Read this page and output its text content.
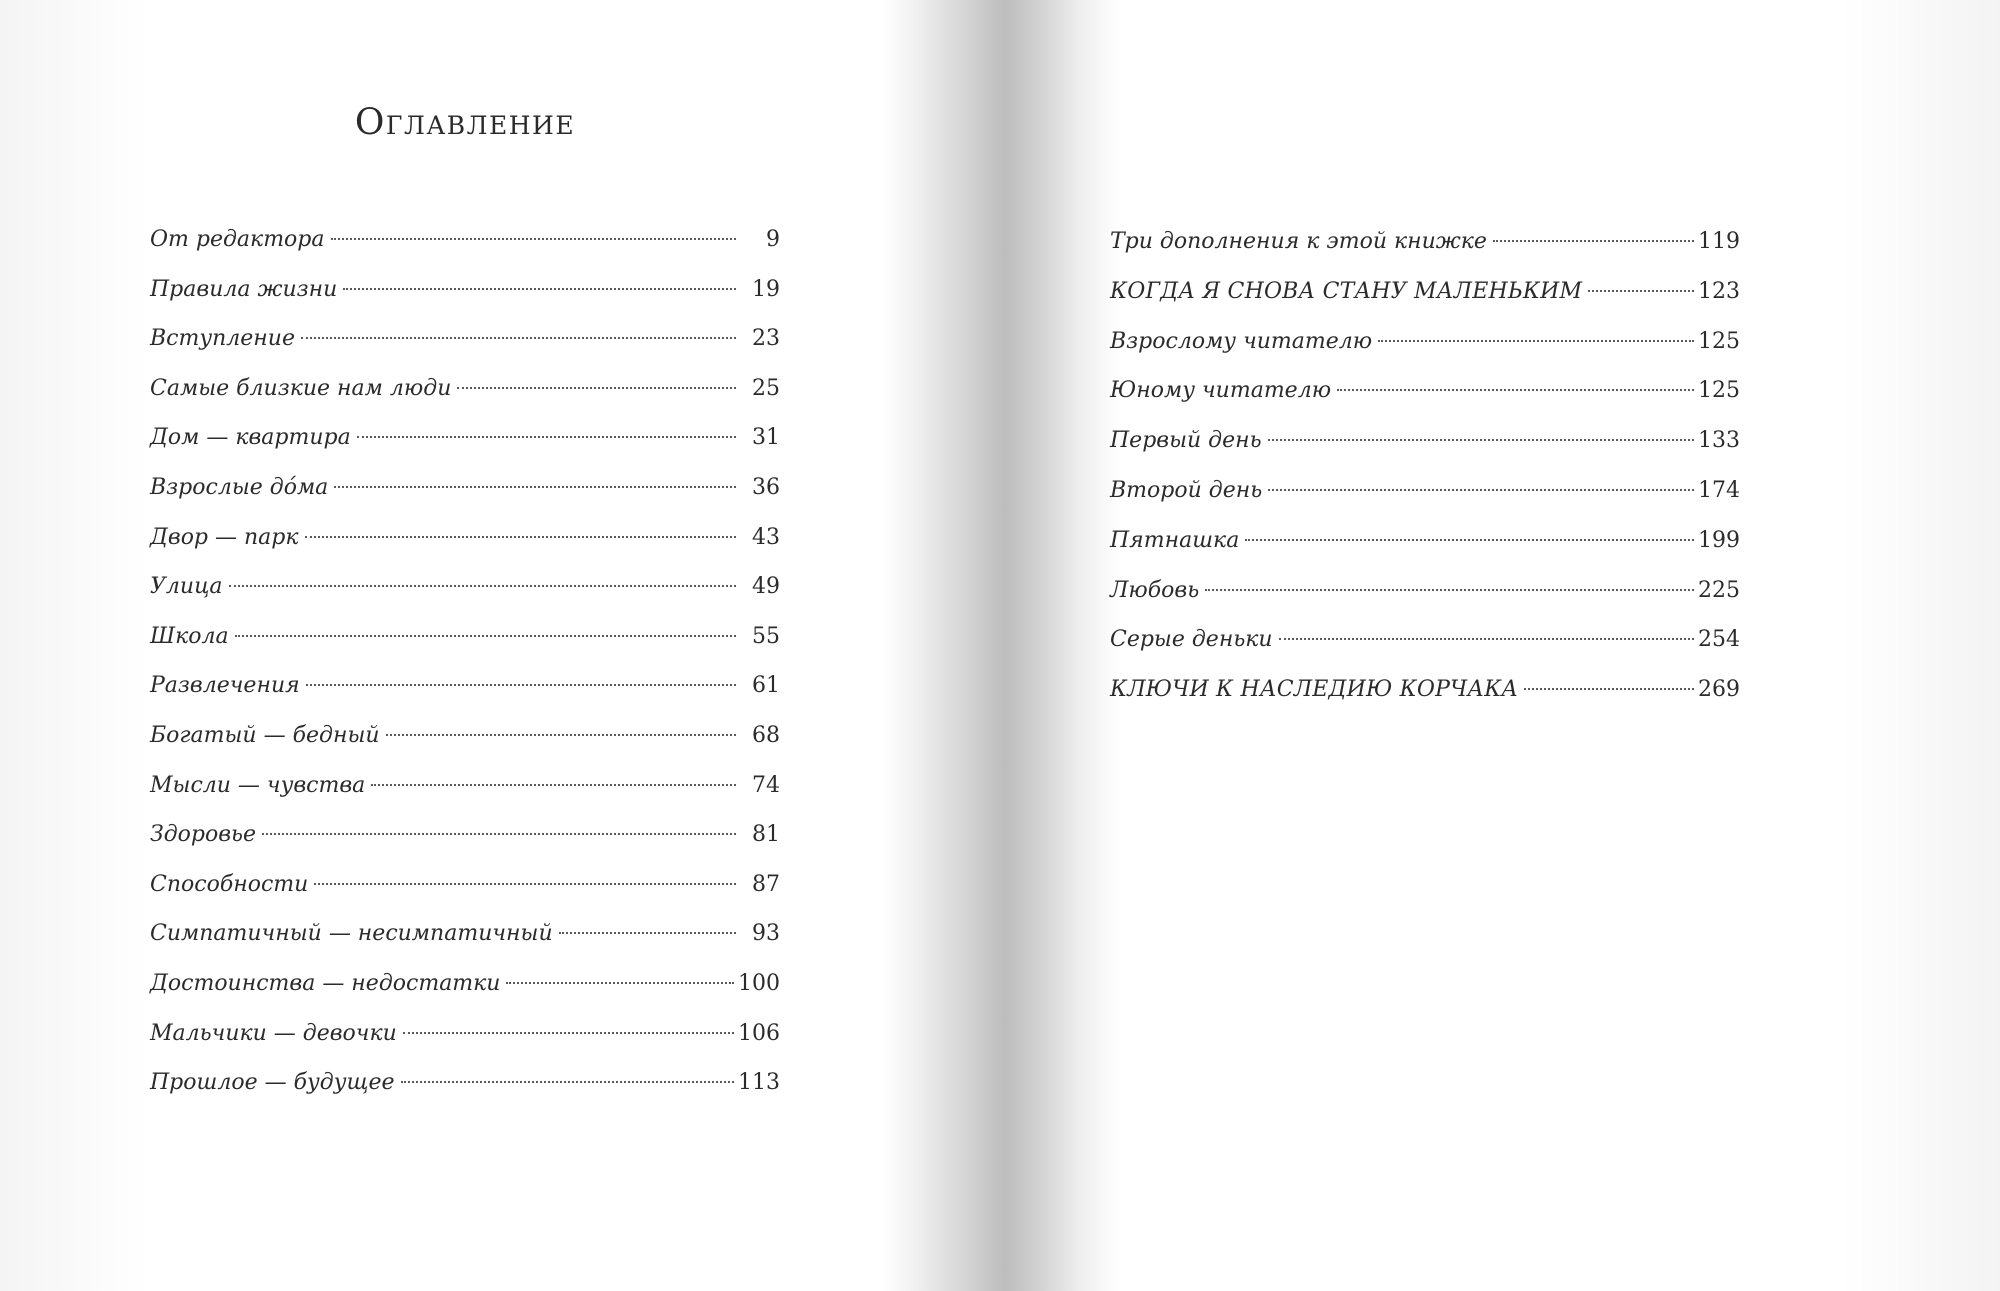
Оглавление
От редактора	9
Правила жизни	19
Вступление	23
Самые близкие нам люди	25
Дом — квартира	31
Взрослые до́ма	36
Двор — парк	43
Улица	49
Школа	55
Развлечения	61
Богатый — бедный	68
Мысли — чувства	74
Здоровье	81
Способности	87
Симпатичный — несимпатичный	93
Достоинства — недостатки	100
Мальчики — девочки	106
Прошлое — будущее	113
Три дополнения к этой книжке	119
КОГДА Я СНОВА СТАНУ МАЛЕНЬКИМ	123
Взрослому читателю	125
Юному читателю	125
Первый день	133
Второй день	174
Пятнашка	199
Любовь	225
Серые деньки	254
КЛЮЧИ К НАСЛЕДИЮ КОРЧАКА	269
